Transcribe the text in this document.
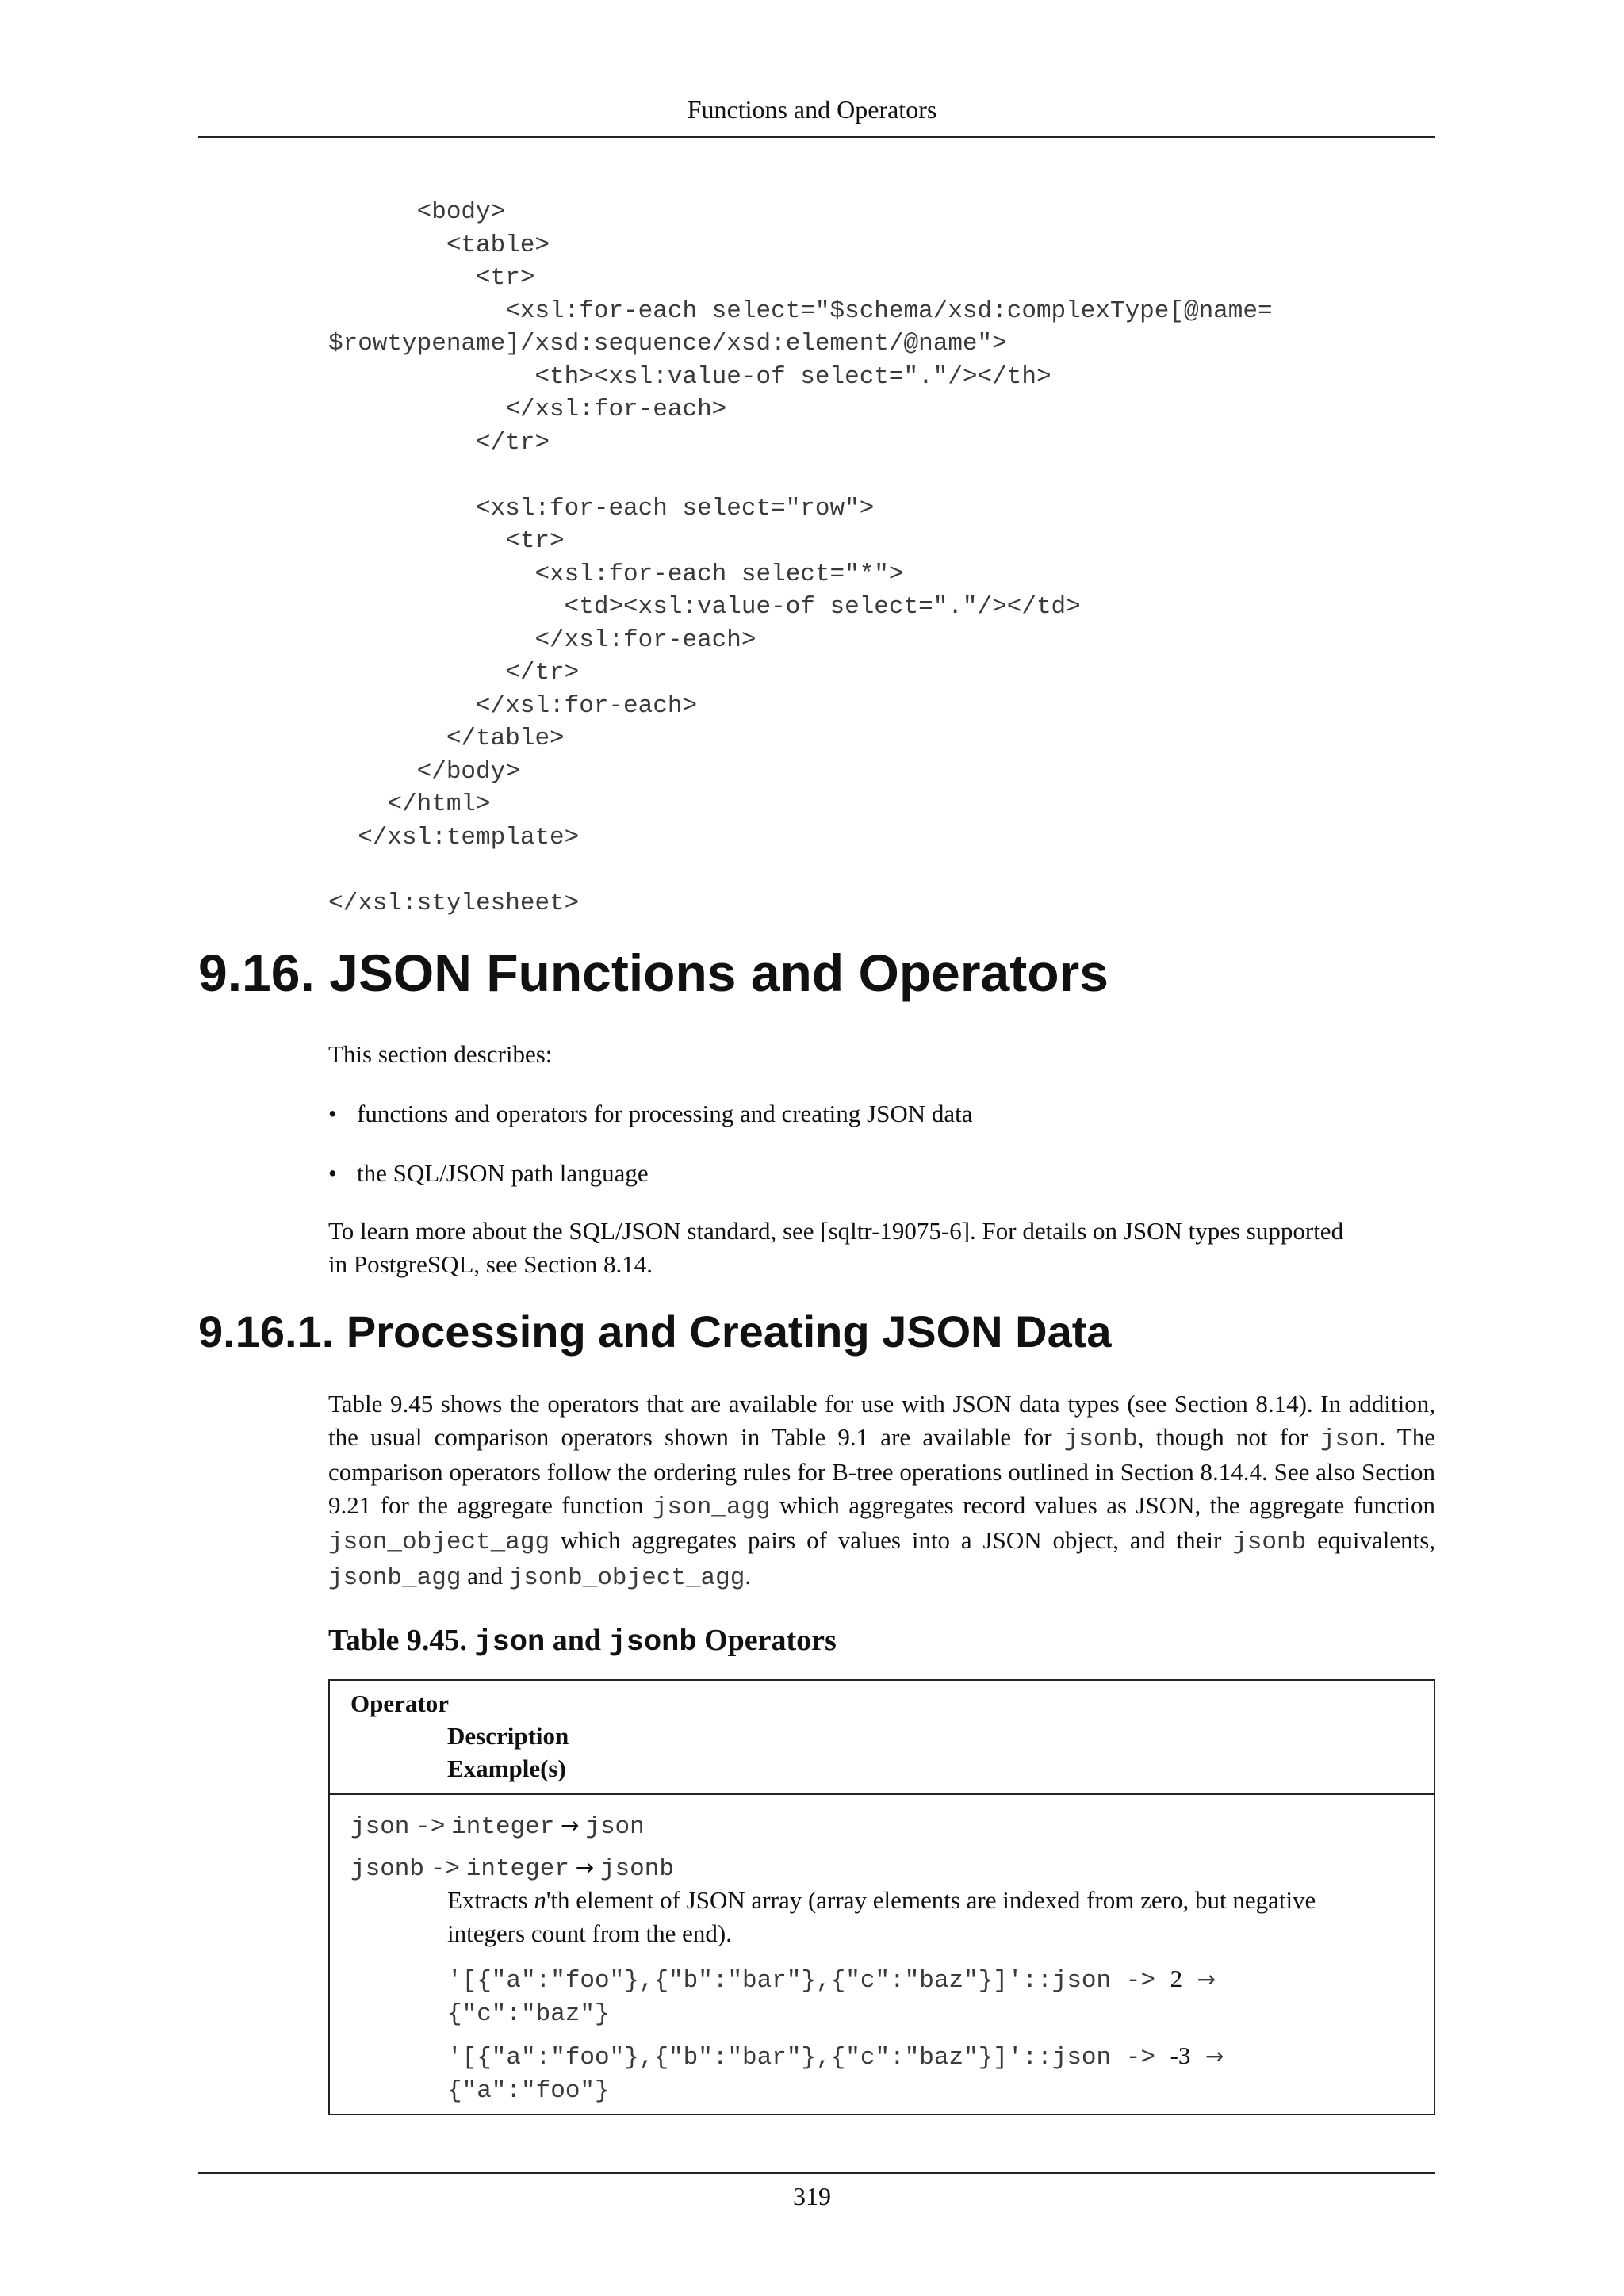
Functions and Operators
<body>
<table>
<tr>
<xsl:for-each select="$schema/xsd:complexType[@name=
$rowtypename]/xsd:sequence/xsd:element/@name">
<th><xsl:value-of select="."/></th>
</xsl:for-each>
</tr>

<xsl:for-each select="row">
<tr>
<xsl:for-each select="*">
<td><xsl:value-of select="."/></td>
</xsl:for-each>
</tr>
</xsl:for-each>
</table>
</body>
</html>
</xsl:template>

</xsl:stylesheet>
9.16. JSON Functions and Operators

This section describes:

• functions and operators for processing and creating JSON data

• the SQL/JSON path language

To learn more about the SQL/JSON standard, see [sqltr-19075-6]. For details on JSON types supported
in PostgreSQL, see Section 8.14.

9.16.1. Processing and Creating JSON Data

Table 9.45 shows the operators that are available for use with JSON data types (see Section 8.14). In addition, the usual comparison operators shown in Table 9.1 are available for jsonb, though not for json. The comparison operators follow the ordering rules for B-tree operations outlined in Section 8.14.4. See also Section 9.21 for the aggregate function json_agg which aggregates record values as JSON, the aggregate function json_object_agg which aggregates pairs of values into a JSON object, and their jsonb equivalents, jsonb_agg and jsonb_object_agg.

Table 9.45. json and jsonb Operators
Operator
Description
Example(s)
json -> integer → json
jsonb -> integer → jsonb
Extracts n'th element of JSON array (array elements are indexed from zero, but negative
integers count from the end).
'[{"a":"foo"},{"b":"bar"},{"c":"baz"}]'::json -> 2 →
{"c":"baz"}
'[{"a":"foo"},{"b":"bar"},{"c":"baz"}]'::json -> -3 →
{"a":"foo"}
319
